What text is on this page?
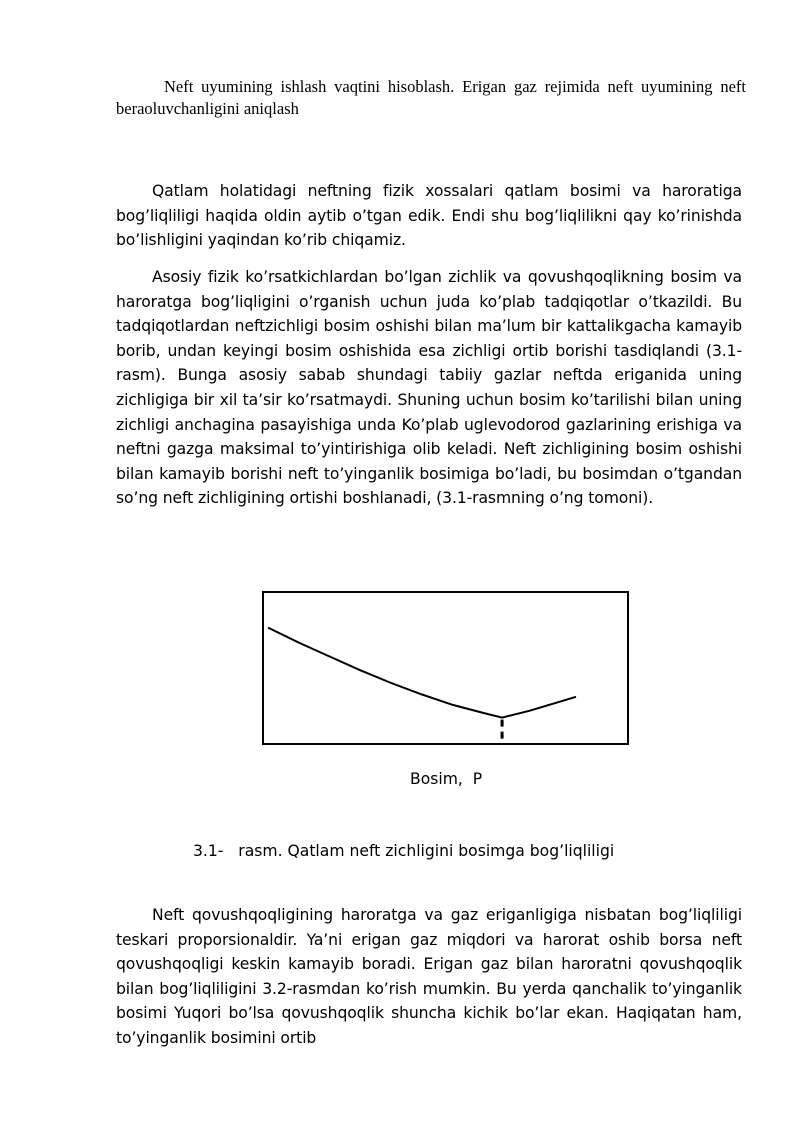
Neft uyumining ishlash vaqtini hisoblash. Erigan gaz rejimida neft uyumining neft beraoluvchanligini aniqlash

Qatlam holatidagi neftning fizik xossalari qatlam bosimi va haroratiga bog’liqliligi haqida oldin aytib o’tgan edik. Endi shu bog’liqlilikni qay ko’rinishda bo’lishligini yaqindan ko’rib chiqamiz.

Asosiy fizik ko’rsatkichlardan bo’lgan zichlik va qovushqoqlikning bosim va haroratga bog’liqligini o’rganish uchun juda ko’plab tadqiqotlar o’tkazildi. Bu tadqiqotlardan neftzichligi bosim oshishi bilan ma’lum bir kattalikgacha kamayib borib, undan keyingi bosim oshishida esa zichligi ortib borishi tasdiqlandi (3.1-rasm). Bunga asosiy sabab shundagi tabiiy gazlar neftda eriganida uning zichligiga bir xil ta’sir ko’rsatmaydi. Shuning uchun bosim ko’tarilishi bilan uning zichligi anchagina pasayishiga unda Ko’plab uglevodorod gazlarining erishiga va neftni gazga maksimal to’yintirishiga olib keladi. Neft zichligining bosim oshishi bilan kamayib borishi neft to’yinganlik bosimiga bo’ladi, bu bosimdan o’tgandan so’ng neft zichligining ortishi boshlanadi, (3.1-rasmning o’ng tomoni).

Bosim,  P
3.1-   rasm. Qatlam neft zichligini bosimga bog’liqliligi

Neft qovushqoqligining haroratga va gaz eriganligiga nisbatan bog’liqliligi teskari proporsionaldir. Ya’ni erigan gaz miqdori va harorat oshib borsa neft qovushqoqligi keskin kamayib boradi. Erigan gaz bilan haroratni qovushqoqlik bilan bog’liqliligini 3.2-rasmdan ko’rish mumkin. Bu yerda qanchalik to’yinganlik bosimi Yuqori bo’lsa qovushqoqlik shuncha kichik bo’lar ekan. Haqiqatan ham, to’yinganlik bosimini ortib
